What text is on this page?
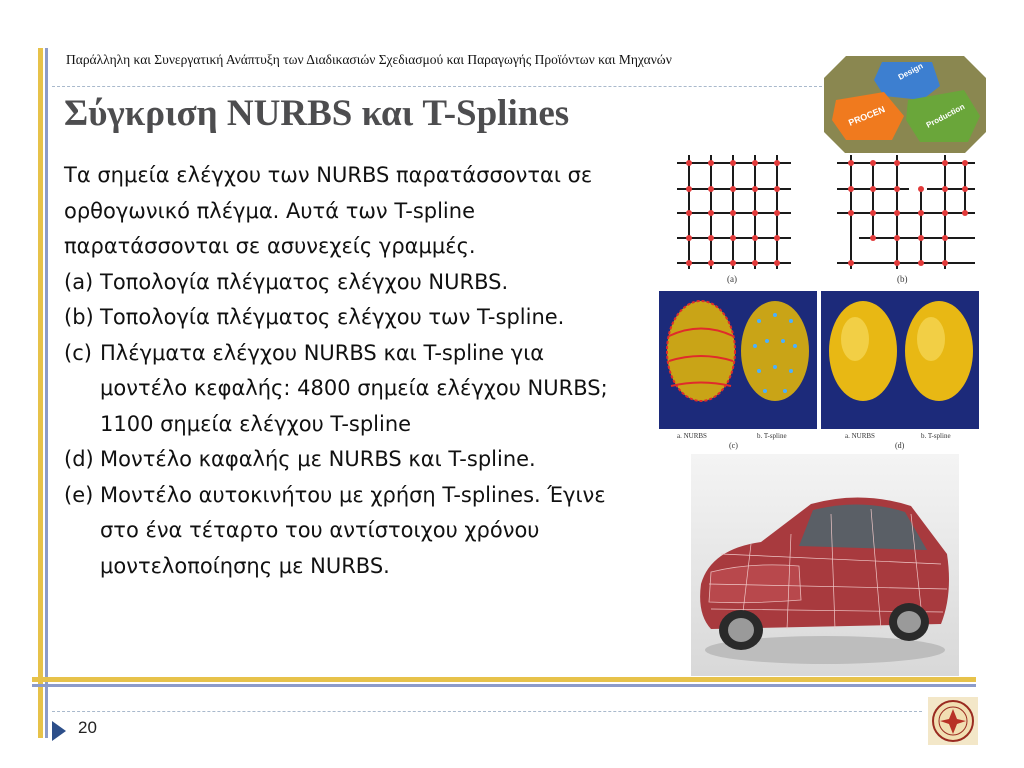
Παράλληλη και Συνεργατική Ανάπτυξη των Διαδικασιών Σχεδιασμού και Παραγωγής Προϊόντων και Μηχανών
Σύγκριση NURBS και T-Splines

Τα σημεία ελέγχου των NURBS παρατάσσονται σε ορθογωνικό πλέγμα. Αυτά των T-spline παρατάσσονται σε ασυνεχείς γραμμές.

(a) Τοπολογία πλέγματος ελέγχου NURBS.
(b) Τοπολογία πλέγματος ελέγχου των T-spline.
(c) Πλέγματα ελέγχου NURBS και T-spline για μοντέλο κεφαλής: 4800 σημεία ελέγχου NURBS; 1100 σημεία ελέγχου T-spline
(d) Μοντέλο καφαλής με NURBS και T-spline.
(e) Μοντέλο αυτοκινήτου με χρήση T-splines. Έγινε στο ένα τέταρτο του αντίστοιχου χρόνου μοντελοποίησης με NURBS.
Design
PROCEN	Production
(a)	(b)
a. NURBS	b. T-spline
(c)
a. NURBS	b. T-spline
(d)
20
